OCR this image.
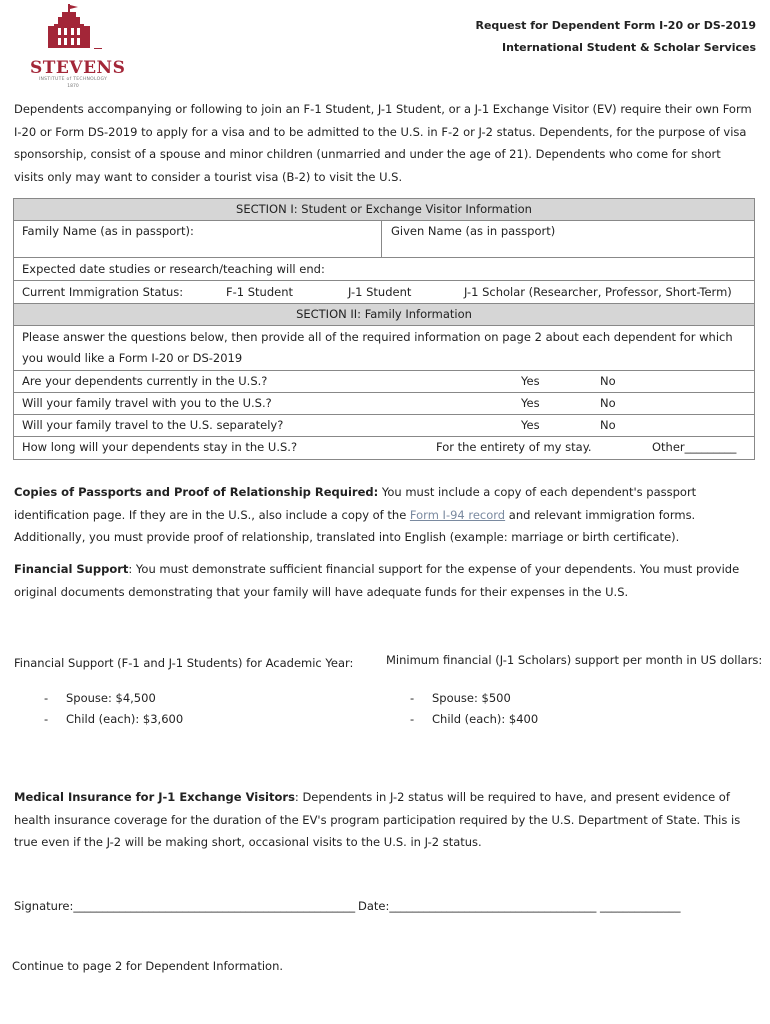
STEVENS
INSTITUTE of TECHNOLOGY
1870
Request for Dependent Form I-20 or DS-2019
International Student & Scholar Services

Dependents accompanying or following to join an F-1 Student, J-1 Student, or a J-1 Exchange Visitor (EV) require their own Form I-20 or Form DS-2019 to apply for a visa and to be admitted to the U.S. in F-2 or J-2 status. Dependents, for the purpose of visa sponsorship, consist of a spouse and minor children (unmarried and under the age of 21). Dependents who come for short visits only may want to consider a tourist visa (B-2) to visit the U.S.

SECTION I: Student or Exchange Visitor Information
Family Name (as in passport):	Given Name (as in passport)
Expected date studies or research/teaching will end:
Current Immigration Status:	F-1 Student	J-1 Student	J-1 Scholar (Researcher, Professor, Short-Term)
SECTION II: Family Information
Please answer the questions below, then provide all of the required information on page 2 about each dependent for which you would like a Form I-20 or DS-2019
Are your dependents currently in the U.S.?	Yes	No
Will your family travel with you to the U.S.?	Yes	No
Will your family travel to the U.S. separately?	Yes	No
How long will your dependents stay in the U.S.?	For the entirety of my stay.	Other_________

Copies of Passports and Proof of Relationship Required: You must include a copy of each dependent's passport identification page. If they are in the U.S., also include a copy of the Form I-94 record and relevant immigration forms. Additionally, you must provide proof of relationship, translated into English (example: marriage or birth certificate).

Financial Support: You must demonstrate sufficient financial support for the expense of your dependents. You must provide original documents demonstrating that your family will have adequate funds for their expenses in the U.S.

Financial Support (F-1 and J-1 Students) for Academic Year:	Minimum financial (J-1 Scholars) support per month in US dollars:
- Spouse: $4,500
- Child (each): $3,600
- Spouse: $500
- Child (each): $400

Medical Insurance for J-1 Exchange Visitors: Dependents in J-2 status will be required to have, and present evidence of health insurance coverage for the duration of the EV's program participation required by the U.S. Department of State. This is true even if the J-2 will be making short, occasional visits to the U.S. in J-2 status.

Signature:_________________________________________________ Date:____________________________________ ______________
Continue to page 2 for Dependent Information.
